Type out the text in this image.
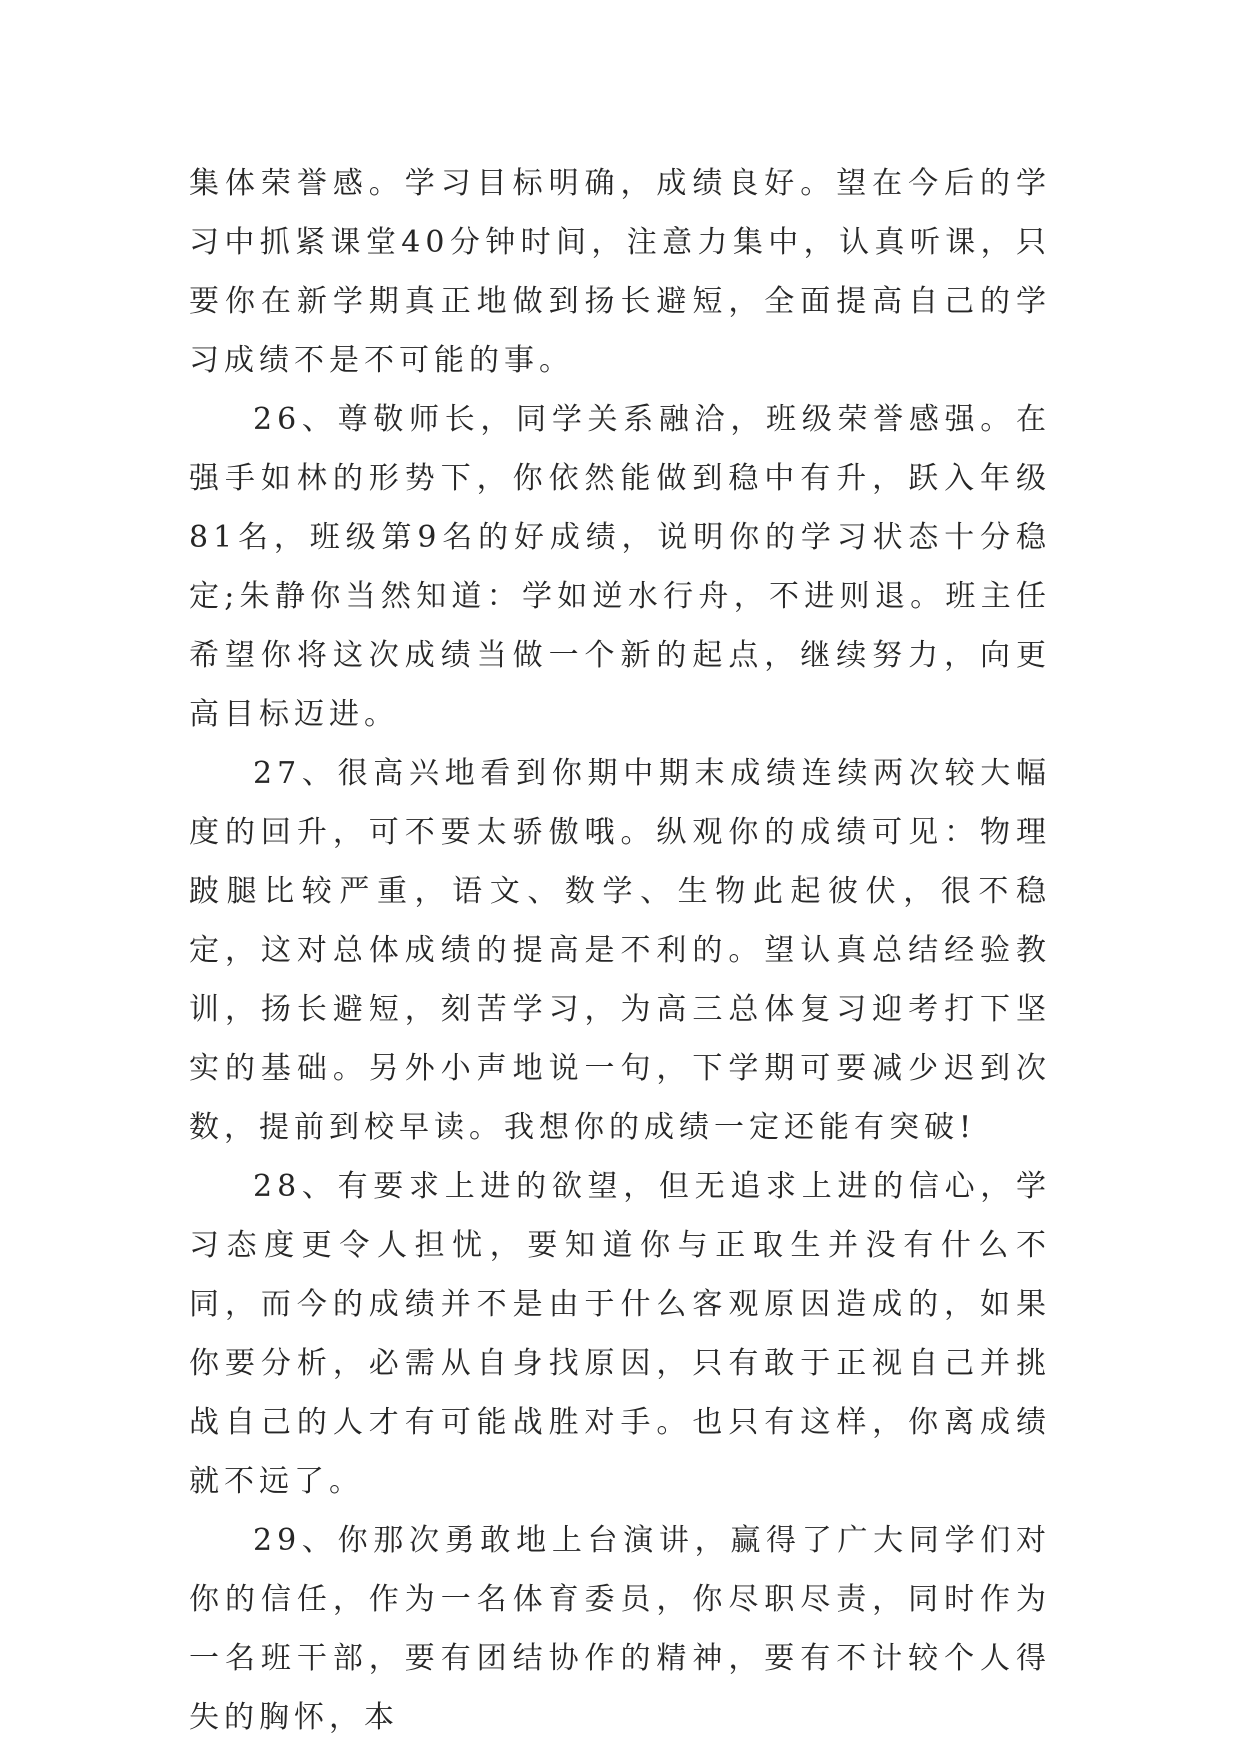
集体荣誉感。学习目标明确，成绩良好。望在今后的学习中抓紧课堂40分钟时间，注意力集中，认真听课，只要你在新学期真正地做到扬长避短，全面提高自己的学习成绩不是不可能的事。

26、尊敬师长，同学关系融洽，班级荣誉感强。在强手如林的形势下，你依然能做到稳中有升，跃入年级81名，班级第9名的好成绩，说明你的学习状态十分稳定;朱静你当然知道：学如逆水行舟，不进则退。班主任希望你将这次成绩当做一个新的起点，继续努力，向更高目标迈进。

27、很高兴地看到你期中期末成绩连续两次较大幅度的回升，可不要太骄傲哦。纵观你的成绩可见：物理跛腿比较严重，语文、数学、生物此起彼伏，很不稳定，这对总体成绩的提高是不利的。望认真总结经验教训，扬长避短，刻苦学习，为高三总体复习迎考打下坚实的基础。另外小声地说一句，下学期可要减少迟到次数，提前到校早读。我想你的成绩一定还能有突破!

28、有要求上进的欲望，但无追求上进的信心，学习态度更令人担忧，要知道你与正取生并没有什么不同，而今的成绩并不是由于什么客观原因造成的，如果你要分析，必需从自身找原因，只有敢于正视自己并挑战自己的人才有可能战胜对手。也只有这样，你离成绩就不远了。

29、你那次勇敢地上台演讲，赢得了广大同学们对你的信任，作为一名体育委员，你尽职尽责，同时作为一名班干部，要有团结协作的精神，要有不计较个人得失的胸怀，本
